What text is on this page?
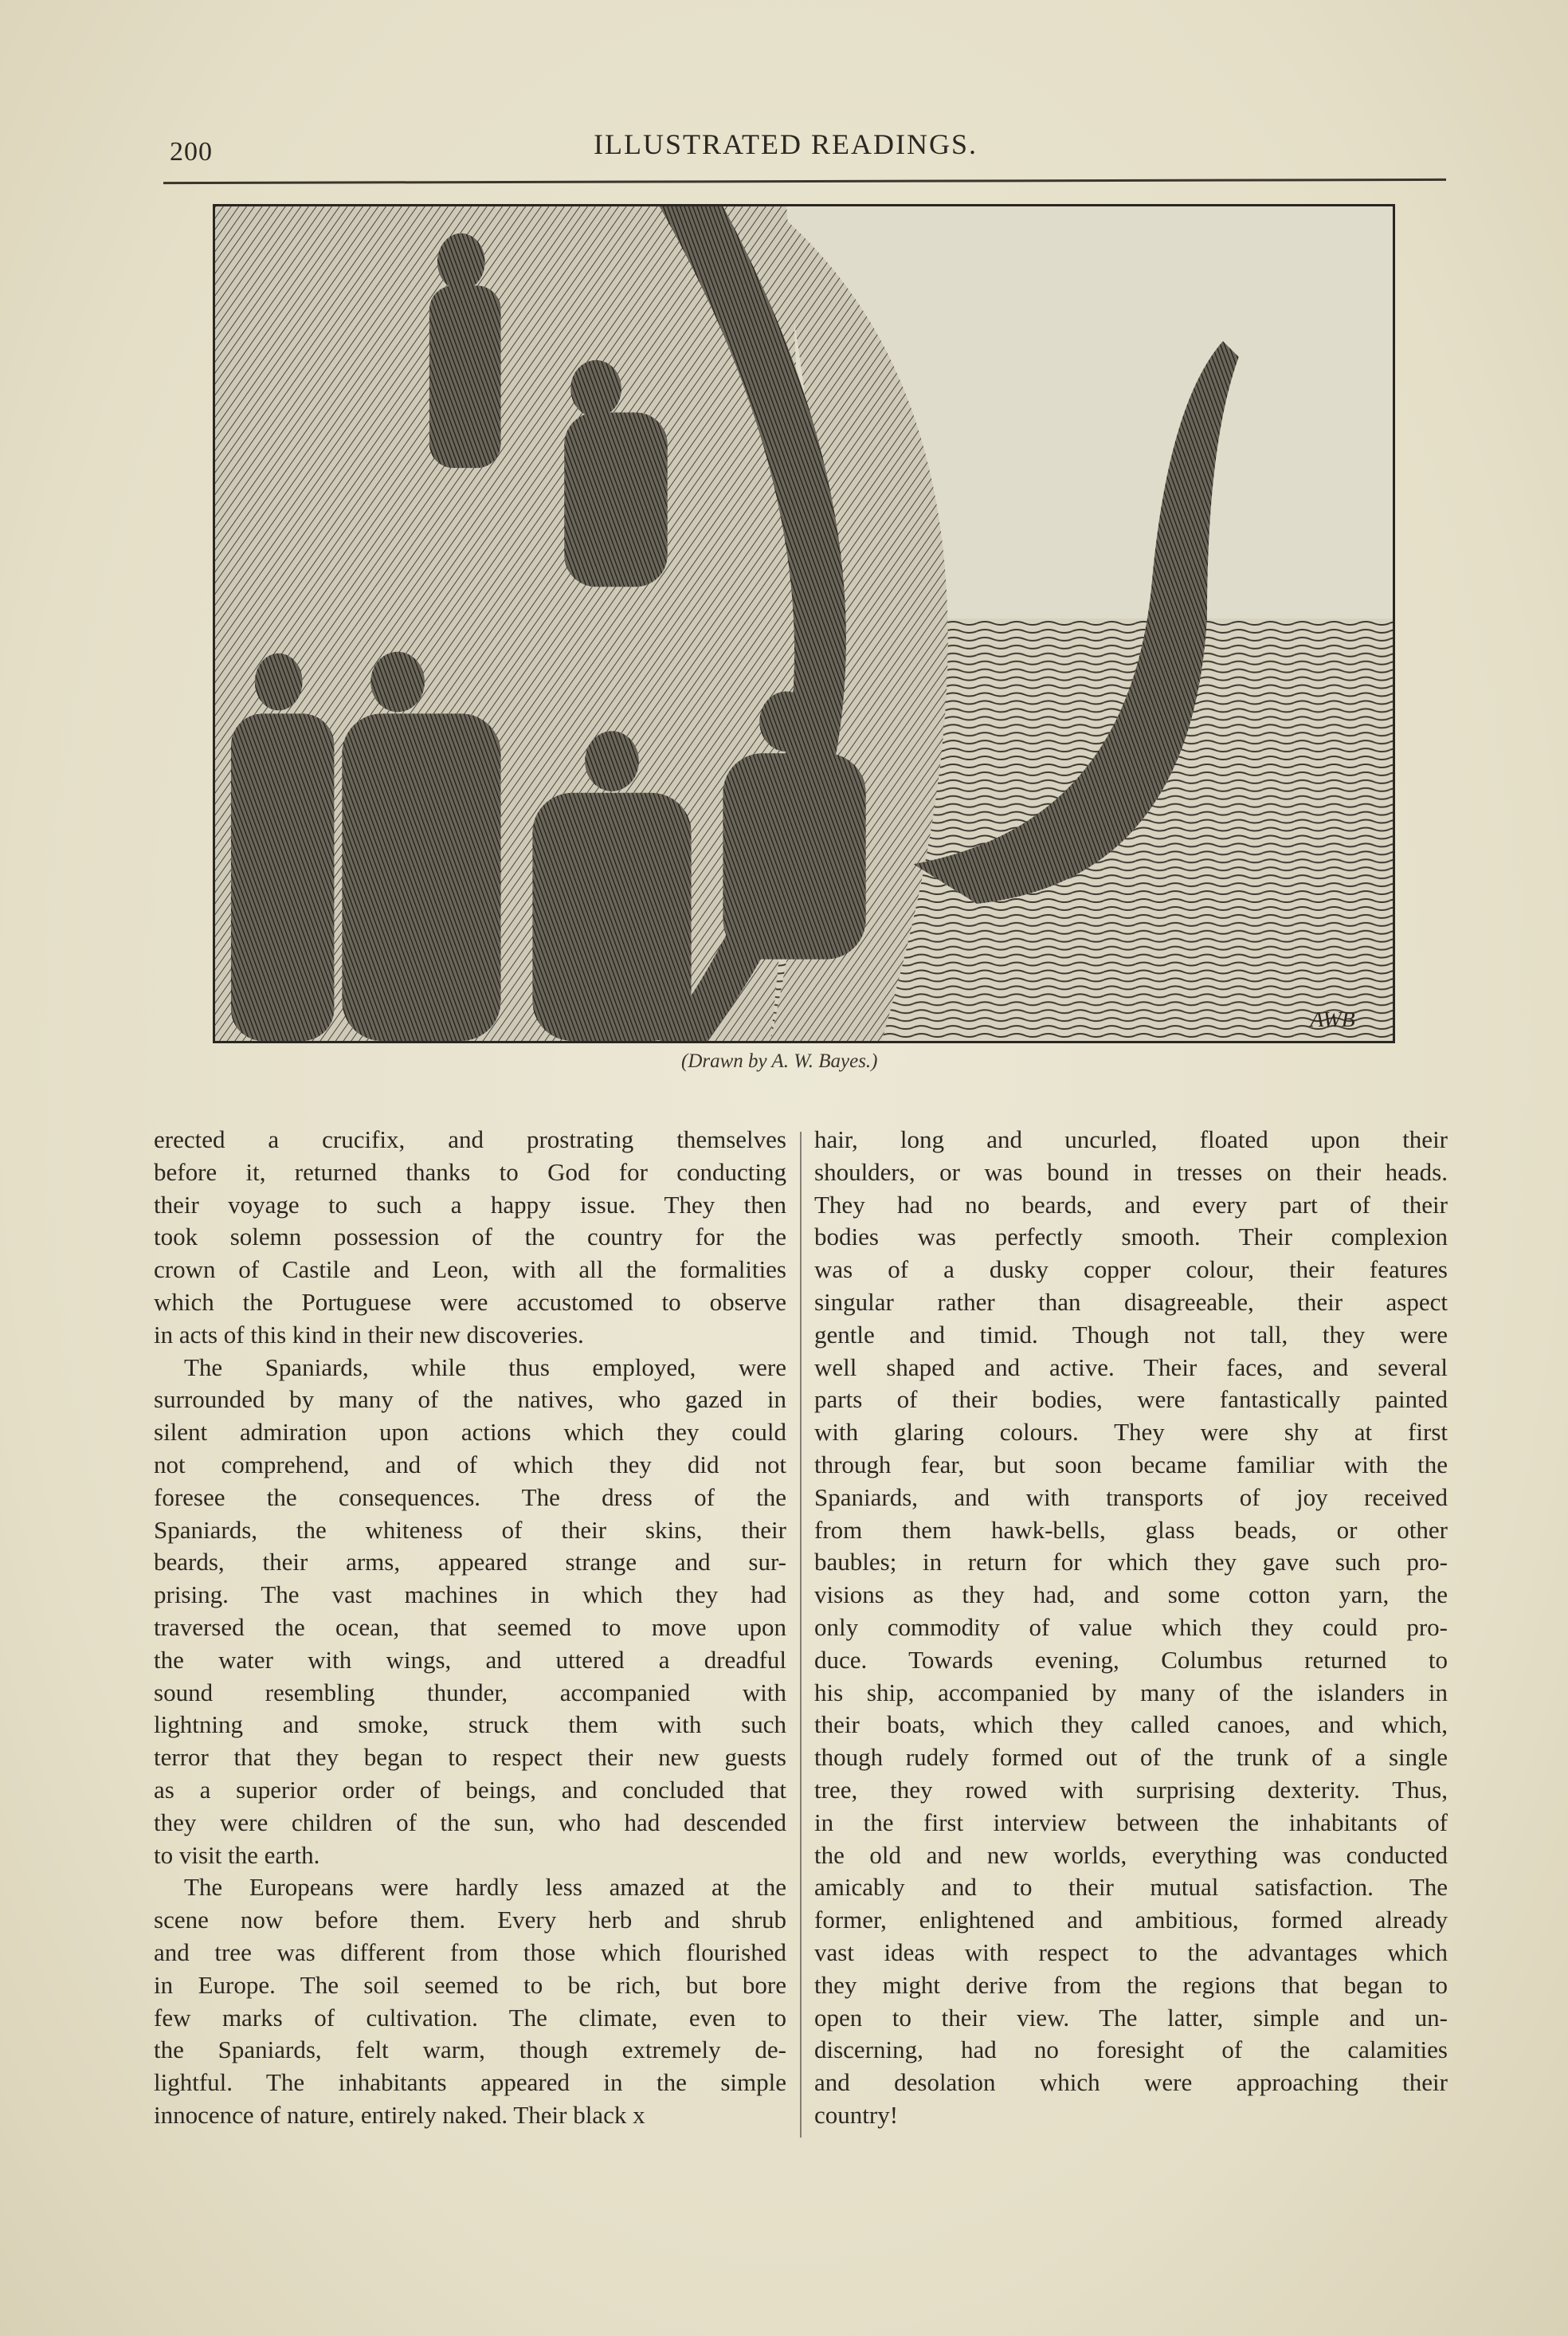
200	ILLUSTRATED READINGS.
AWB
(Drawn by A. W. Bayes.)
erected a crucifix, and prostrating themselves
before it, returned thanks to God for conducting
their voyage to such a happy issue. They then
took solemn possession of the country for the
crown of Castile and Leon, with all the formalities
which the Portuguese were accustomed to observe
in acts of this kind in their new discoveries.
The Spaniards, while thus employed, were
surrounded by many of the natives, who gazed in
silent admiration upon actions which they could
not comprehend, and of which they did not
foresee the consequences. The dress of the
Spaniards, the whiteness of their skins, their
beards, their arms, appeared strange and sur-
prising. The vast machines in which they had
traversed the ocean, that seemed to move upon
the water with wings, and uttered a dreadful
sound resembling thunder, accompanied with
lightning and smoke, struck them with such
terror that they began to respect their new guests
as a superior order of beings, and concluded that
they were children of the sun, who had descended
to visit the earth.
The Europeans were hardly less amazed at the
scene now before them. Every herb and shrub
and tree was different from those which flourished
in Europe. The soil seemed to be rich, but bore
few marks of cultivation. The climate, even to
the Spaniards, felt warm, though extremely de-
lightful. The inhabitants appeared in the simple
innocence of nature, entirely naked. Their black x
hair, long and uncurled, floated upon their
shoulders, or was bound in tresses on their heads.
They had no beards, and every part of their
bodies was perfectly smooth. Their complexion
was of a dusky copper colour, their features
singular rather than disagreeable, their aspect
gentle and timid. Though not tall, they were
well shaped and active. Their faces, and several
parts of their bodies, were fantastically painted
with glaring colours. They were shy at first
through fear, but soon became familiar with the
Spaniards, and with transports of joy received
from them hawk-bells, glass beads, or other
baubles; in return for which they gave such pro-
visions as they had, and some cotton yarn, the
only commodity of value which they could pro-
duce. Towards evening, Columbus returned to
his ship, accompanied by many of the islanders in
their boats, which they called canoes, and which,
though rudely formed out of the trunk of a single
tree, they rowed with surprising dexterity. Thus,
in the first interview between the inhabitants of
the old and new worlds, everything was conducted
amicably and to their mutual satisfaction. The
former, enlightened and ambitious, formed already
vast ideas with respect to the advantages which
they might derive from the regions that began to
open to their view. The latter, simple and un-
discerning, had no foresight of the calamities
and desolation which were approaching their
country!
